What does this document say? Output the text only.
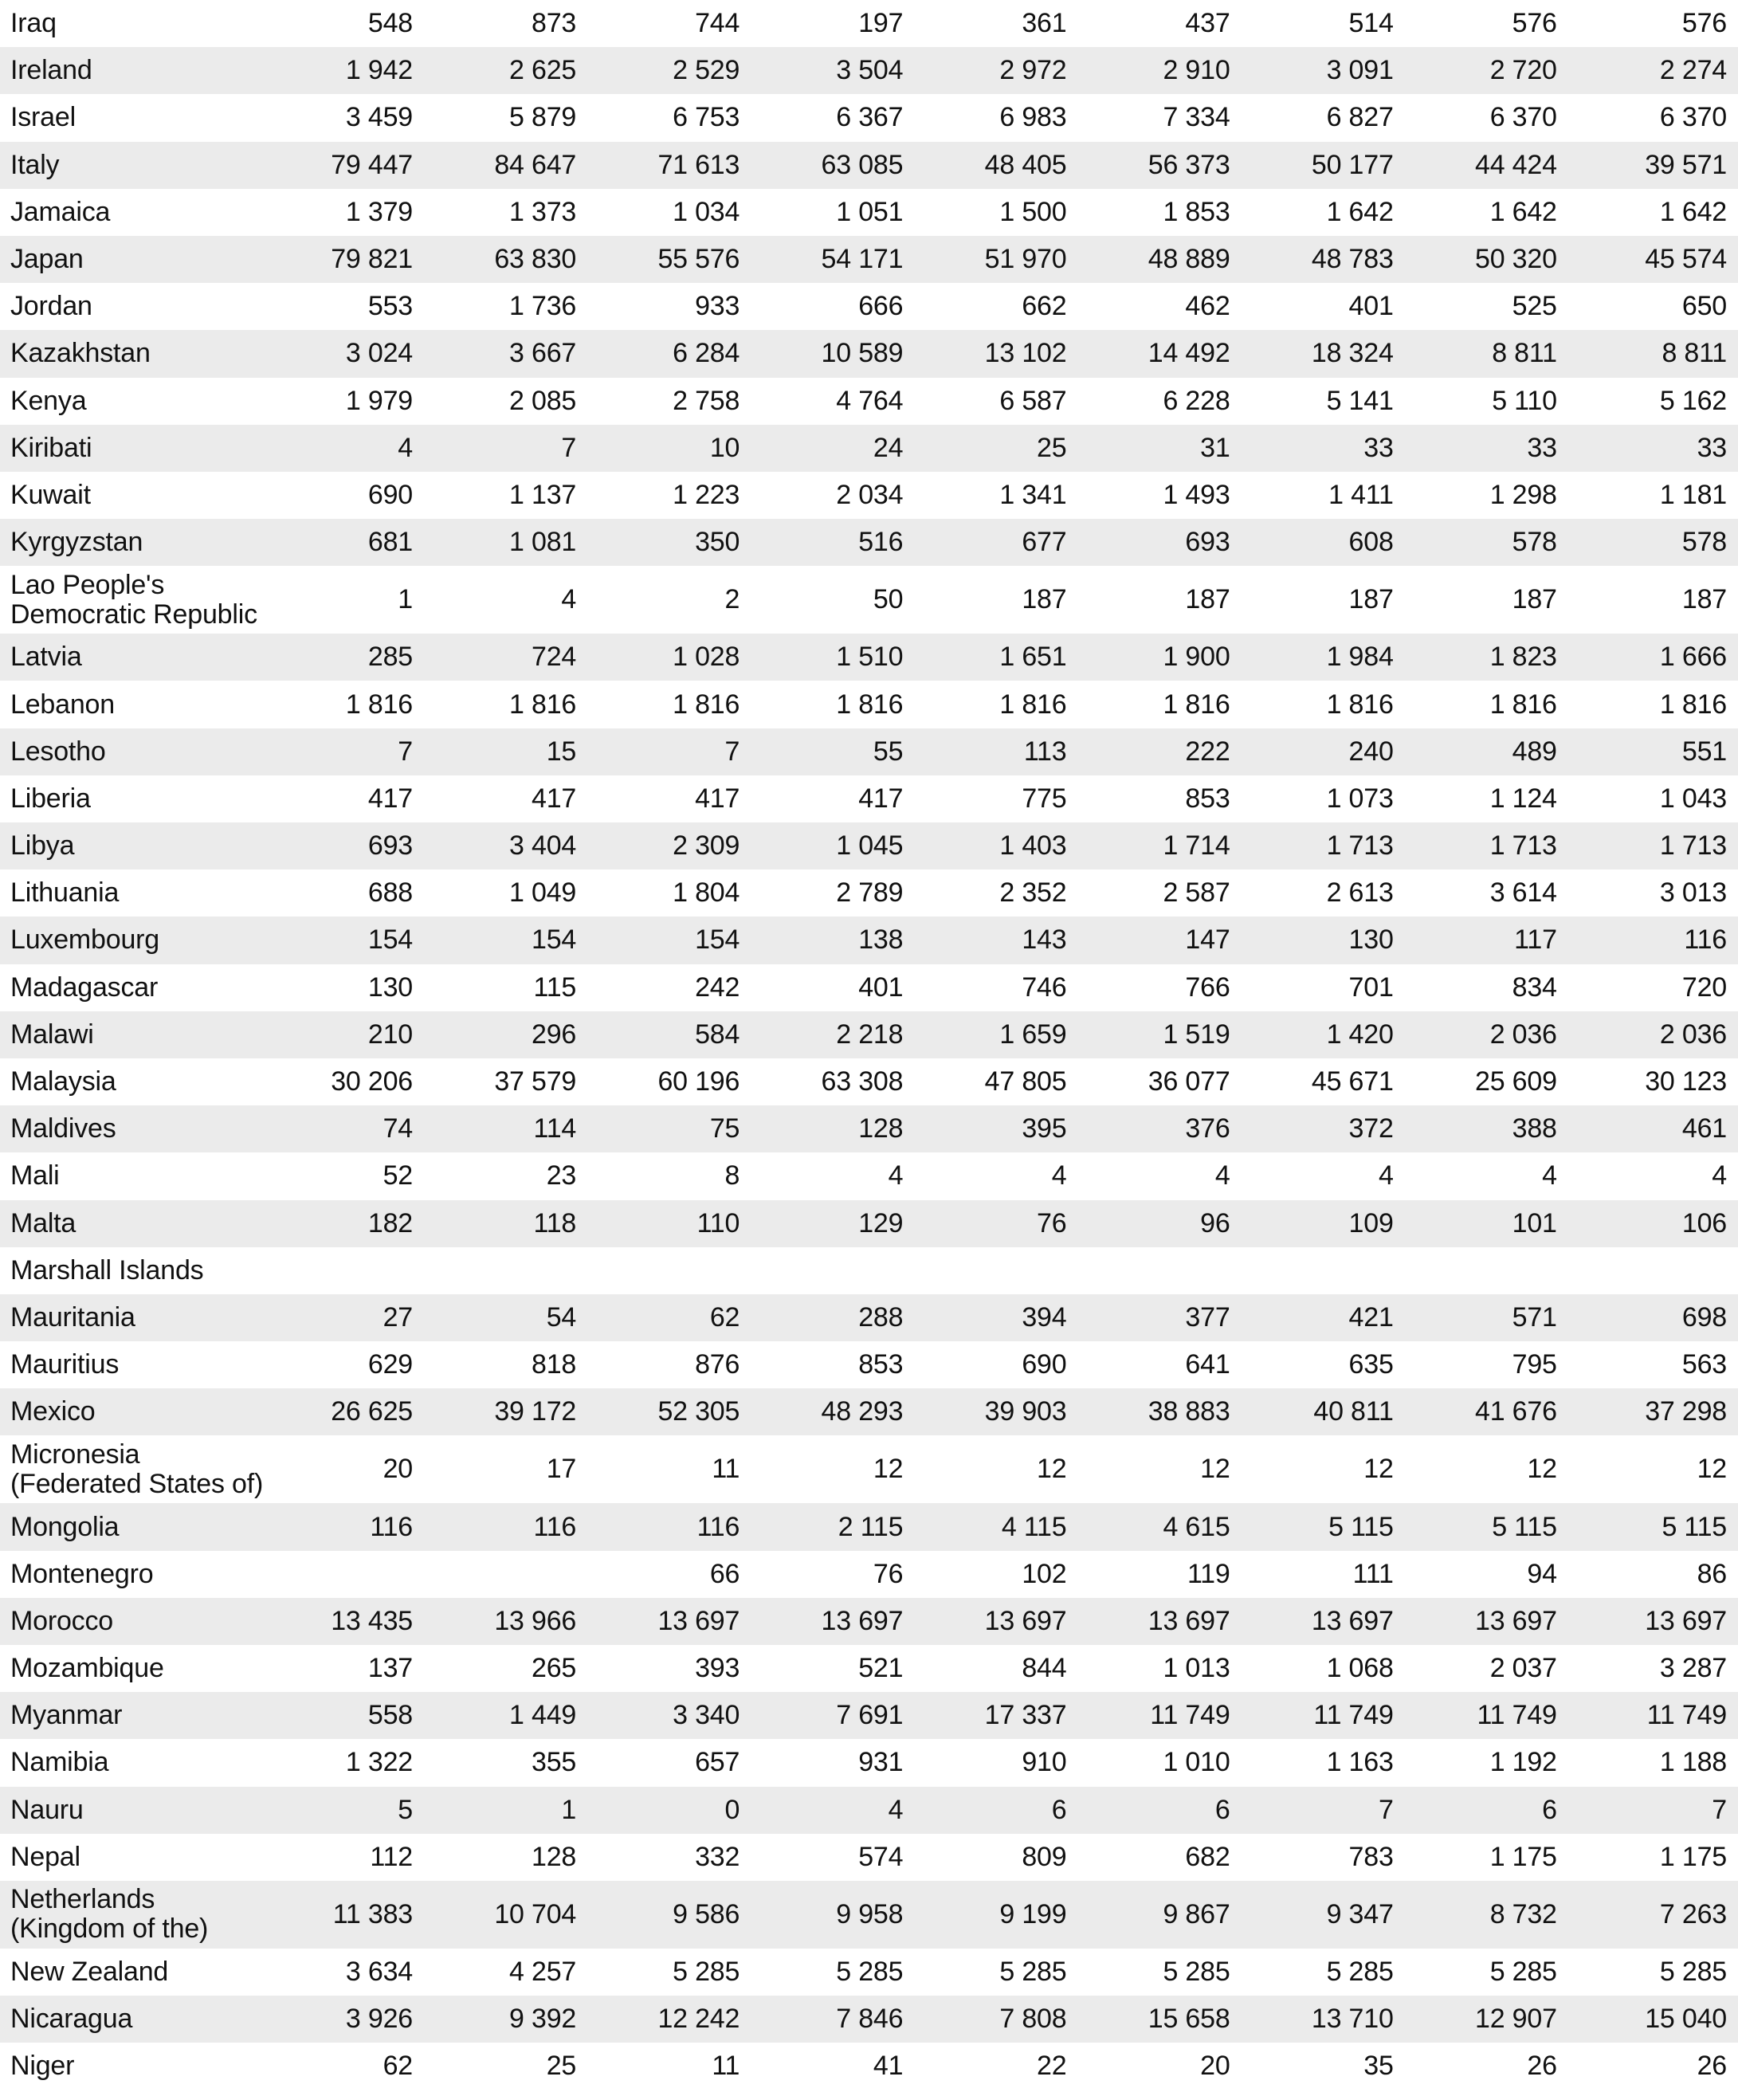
Iraq	548	873	744	197	361	437	514	576	576
Ireland	1 942	2 625	2 529	3 504	2 972	2 910	3 091	2 720	2 274
Israel	3 459	5 879	6 753	6 367	6 983	7 334	6 827	6 370	6 370
Italy	79 447	84 647	71 613	63 085	48 405	56 373	50 177	44 424	39 571
Jamaica	1 379	1 373	1 034	1 051	1 500	1 853	1 642	1 642	1 642
Japan	79 821	63 830	55 576	54 171	51 970	48 889	48 783	50 320	45 574
Jordan	553	1 736	933	666	662	462	401	525	650
Kazakhstan	3 024	3 667	6 284	10 589	13 102	14 492	18 324	8 811	8 811
Kenya	1 979	2 085	2 758	4 764	6 587	6 228	5 141	5 110	5 162
Kiribati	4	7	10	24	25	31	33	33	33
Kuwait	690	1 137	1 223	2 034	1 341	1 493	1 411	1 298	1 181
Kyrgyzstan	681	1 081	350	516	677	693	608	578	578
Lao People's Democratic Republic	1	4	2	50	187	187	187	187	187
Latvia	285	724	1 028	1 510	1 651	1 900	1 984	1 823	1 666
Lebanon	1 816	1 816	1 816	1 816	1 816	1 816	1 816	1 816	1 816
Lesotho	7	15	7	55	113	222	240	489	551
Liberia	417	417	417	417	775	853	1 073	1 124	1 043
Libya	693	3 404	2 309	1 045	1 403	1 714	1 713	1 713	1 713
Lithuania	688	1 049	1 804	2 789	2 352	2 587	2 613	3 614	3 013
Luxembourg	154	154	154	138	143	147	130	117	116
Madagascar	130	115	242	401	746	766	701	834	720
Malawi	210	296	584	2 218	1 659	1 519	1 420	2 036	2 036
Malaysia	30 206	37 579	60 196	63 308	47 805	36 077	45 671	25 609	30 123
Maldives	74	114	75	128	395	376	372	388	461
Mali	52	23	8	4	4	4	4	4	4
Malta	182	118	110	129	76	96	109	101	106
Marshall Islands									
Mauritania	27	54	62	288	394	377	421	571	698
Mauritius	629	818	876	853	690	641	635	795	563
Mexico	26 625	39 172	52 305	48 293	39 903	38 883	40 811	41 676	37 298
Micronesia (Federated States of)	20	17	11	12	12	12	12	12	12
Mongolia	116	116	116	2 115	4 115	4 615	5 115	5 115	5 115
Montenegro			66	76	102	119	111	94	86
Morocco	13 435	13 966	13 697	13 697	13 697	13 697	13 697	13 697	13 697
Mozambique	137	265	393	521	844	1 013	1 068	2 037	3 287
Myanmar	558	1 449	3 340	7 691	17 337	11 749	11 749	11 749	11 749
Namibia	1 322	355	657	931	910	1 010	1 163	1 192	1 188
Nauru	5	1	0	4	6	6	7	6	7
Nepal	112	128	332	574	809	682	783	1 175	1 175
Netherlands (Kingdom of the)	11 383	10 704	9 586	9 958	9 199	9 867	9 347	8 732	7 263
New Zealand	3 634	4 257	5 285	5 285	5 285	5 285	5 285	5 285	5 285
Nicaragua	3 926	9 392	12 242	7 846	7 808	15 658	13 710	12 907	15 040
Niger	62	25	11	41	22	20	35	26	26
